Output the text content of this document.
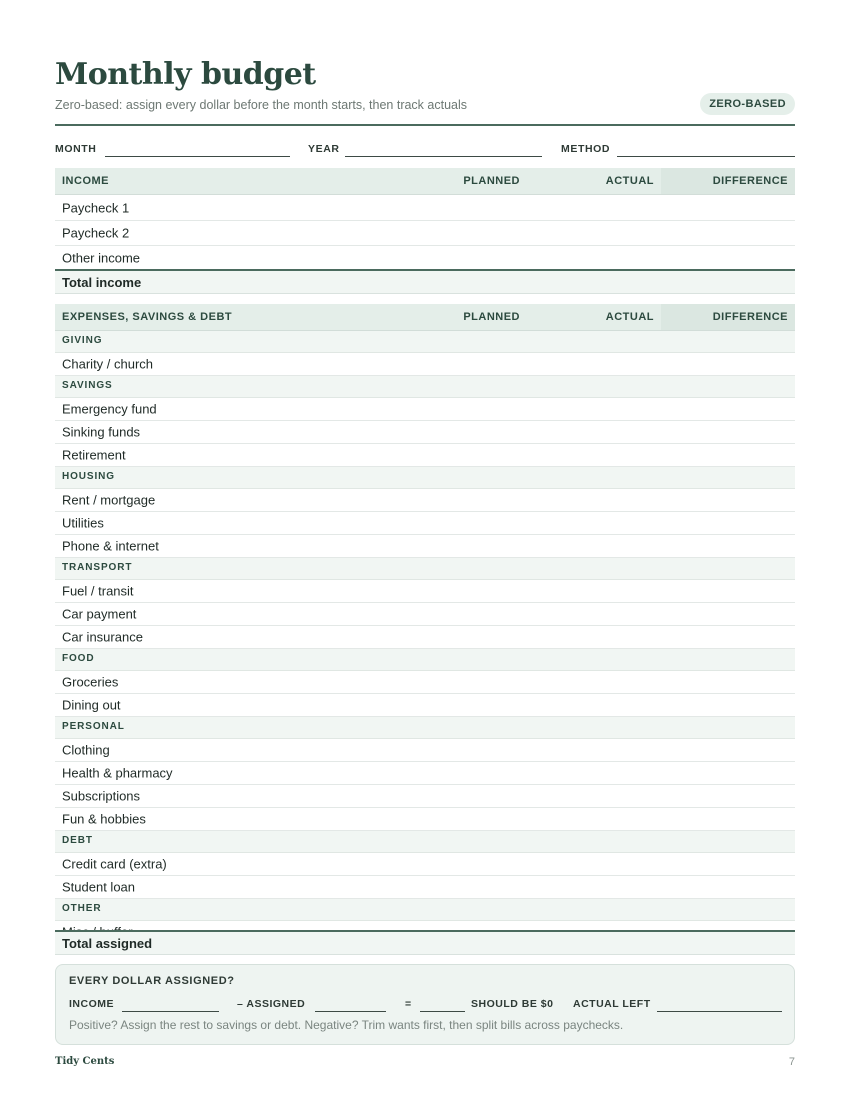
Monthly budget
Zero-based: assign every dollar before the month starts, then track actuals	ZERO-BASED
MONTH	YEAR	METHOD
INCOME	PLANNED	ACTUAL	DIFFERENCE
Paycheck 1
Paycheck 2
Other income
Total income
EXPENSES, SAVINGS & DEBT	PLANNED	ACTUAL	DIFFERENCE
GIVING
Charity / church
SAVINGS
Emergency fund
Sinking funds
Retirement
HOUSING
Rent / mortgage
Utilities
Phone & internet
TRANSPORT
Fuel / transit
Car payment
Car insurance
FOOD
Groceries
Dining out
PERSONAL
Clothing
Health & pharmacy
Subscriptions
Fun & hobbies
DEBT
Credit card (extra)
Student loan
OTHER
Total assigned
EVERY DOLLAR ASSIGNED?
INCOME	– ASSIGNED	=	SHOULD BE $0 ACTUAL LEFT
Positive? Assign the rest to savings or debt. Negative? Trim wants first, then split bills across paychecks.
Tidy Cents	7
